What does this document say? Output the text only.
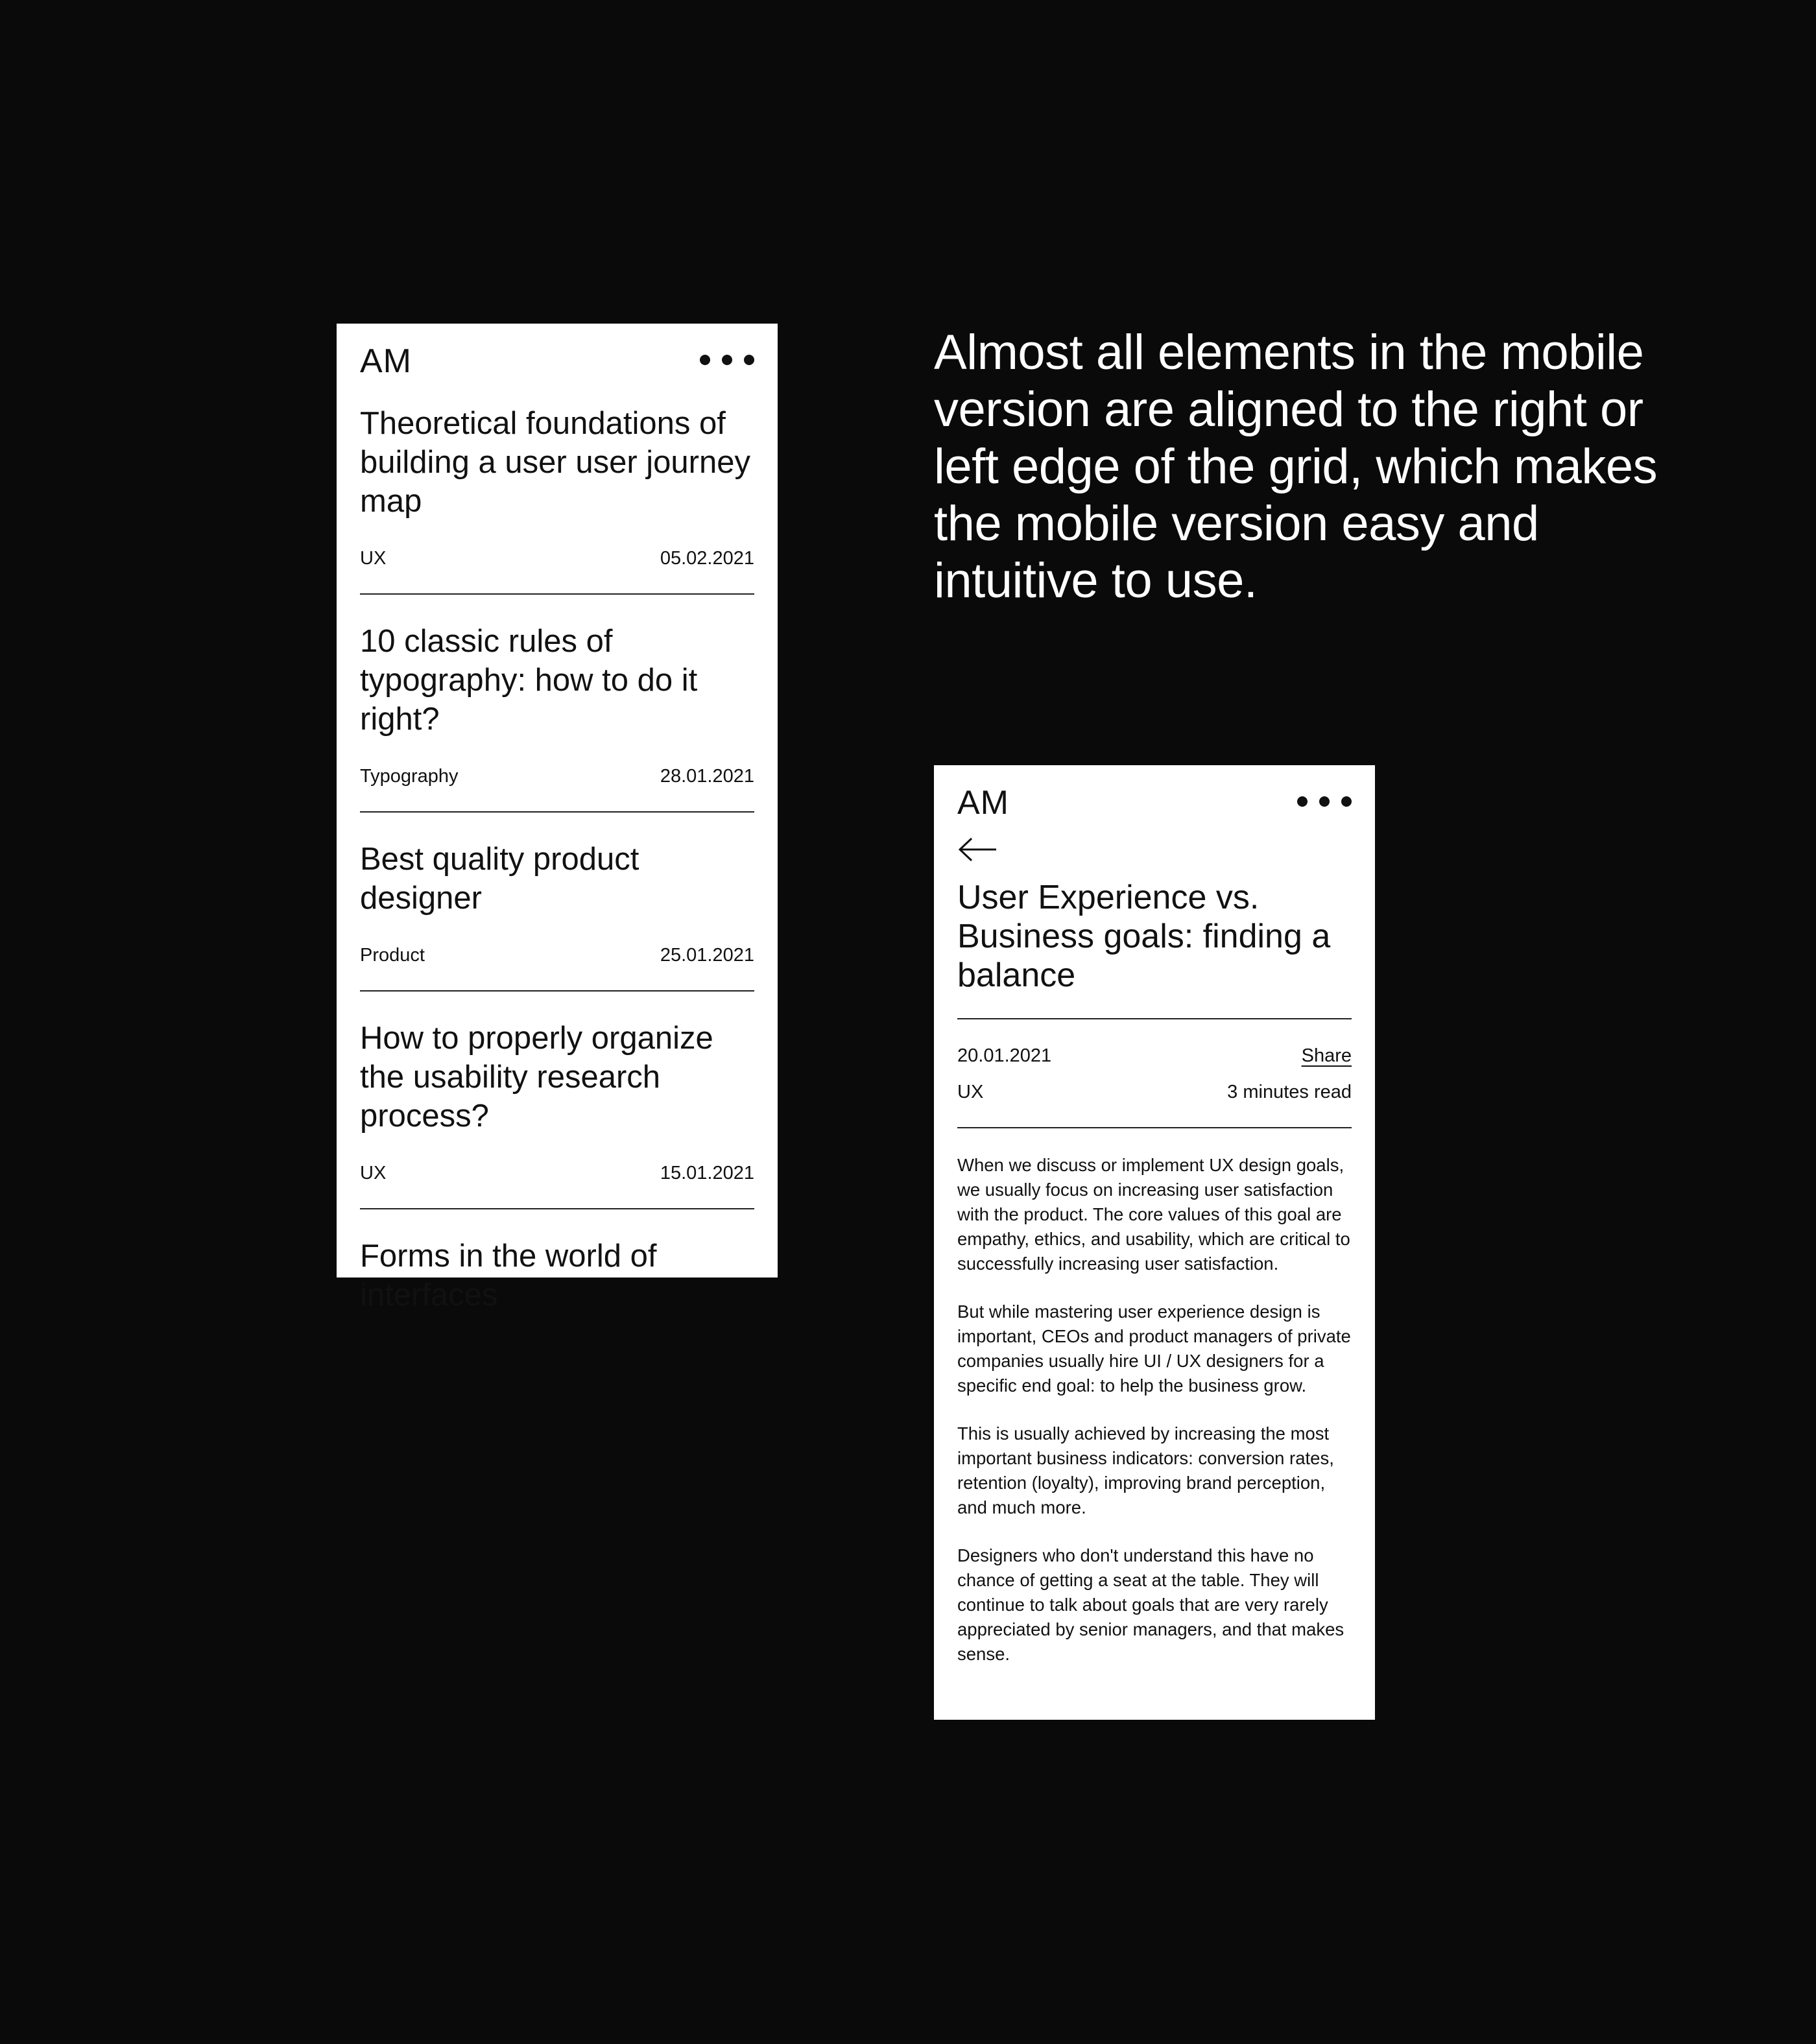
AM
Theoretical foundations of building a user user journey map
UX	05.02.2021
10 classic rules of typography: how to do it right?
Typography	28.01.2021
Best quality product designer
Product	25.01.2021
How to properly organize the usability research process?
UX	15.01.2021
Forms in the world of interfaces

Almost all elements in the mobile version are aligned to the right or left edge of the grid, which makes the mobile version easy and intuitive to use.

AM
User Experience vs. Business goals: finding a balance
20.01.2021	Share
UX	3 minutes read

When we discuss or implement UX design goals, we usually focus on increasing user satisfaction with the product. The core values of this goal are empathy, ethics, and usability, which are critical to successfully increasing user satisfaction.

But while mastering user experience design is important, CEOs and product managers of private companies usually hire UI / UX designers for a specific end goal: to help the business grow.

This is usually achieved by increasing the most important business indicators: conversion rates, retention (loyalty), improving brand perception, and much more.

Designers who don't understand this have no chance of getting a seat at the table. They will continue to talk about goals that are very rarely appreciated by senior managers, and that makes sense.
